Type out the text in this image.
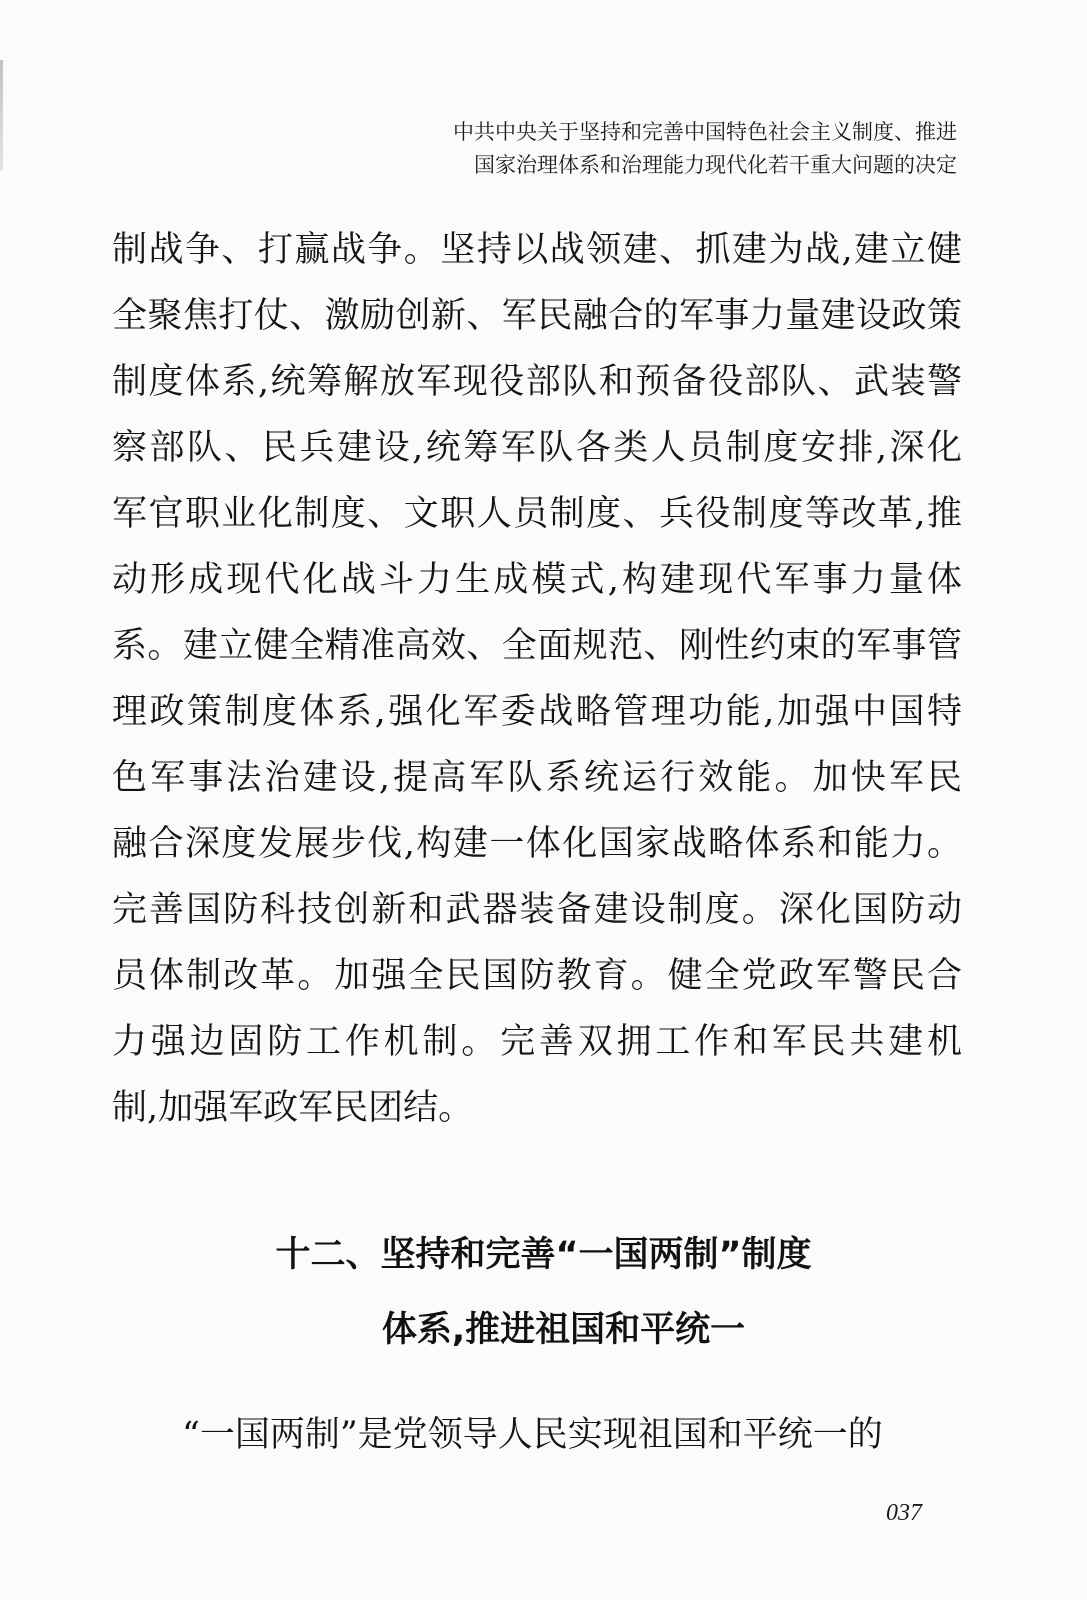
中共中央关于坚持和完善中国特色社会主义制度、推进
国家治理体系和治理能力现代化若干重大问题的决定
制战争、打赢战争。坚持以战领建、抓建为战,建立健
全聚焦打仗、激励创新、军民融合的军事力量建设政策
制度体系,统筹解放军现役部队和预备役部队、武装警
察部队、民兵建设,统筹军队各类人员制度安排,深化
军官职业化制度、文职人员制度、兵役制度等改革,推
动形成现代化战斗力生成模式,构建现代军事力量体
系。建立健全精准高效、全面规范、刚性约束的军事管
理政策制度体系,强化军委战略管理功能,加强中国特
色军事法治建设,提高军队系统运行效能。加快军民
融合深度发展步伐,构建一体化国家战略体系和能力。
完善国防科技创新和武器装备建设制度。深化国防动
员体制改革。加强全民国防教育。健全党政军警民合
力强边固防工作机制。完善双拥工作和军民共建机
制,加强军政军民团结。
十二、坚持和完善“一国两制”制度
体系,推进祖国和平统一
“一国两制”是党领导人民实现祖国和平统一的
037
